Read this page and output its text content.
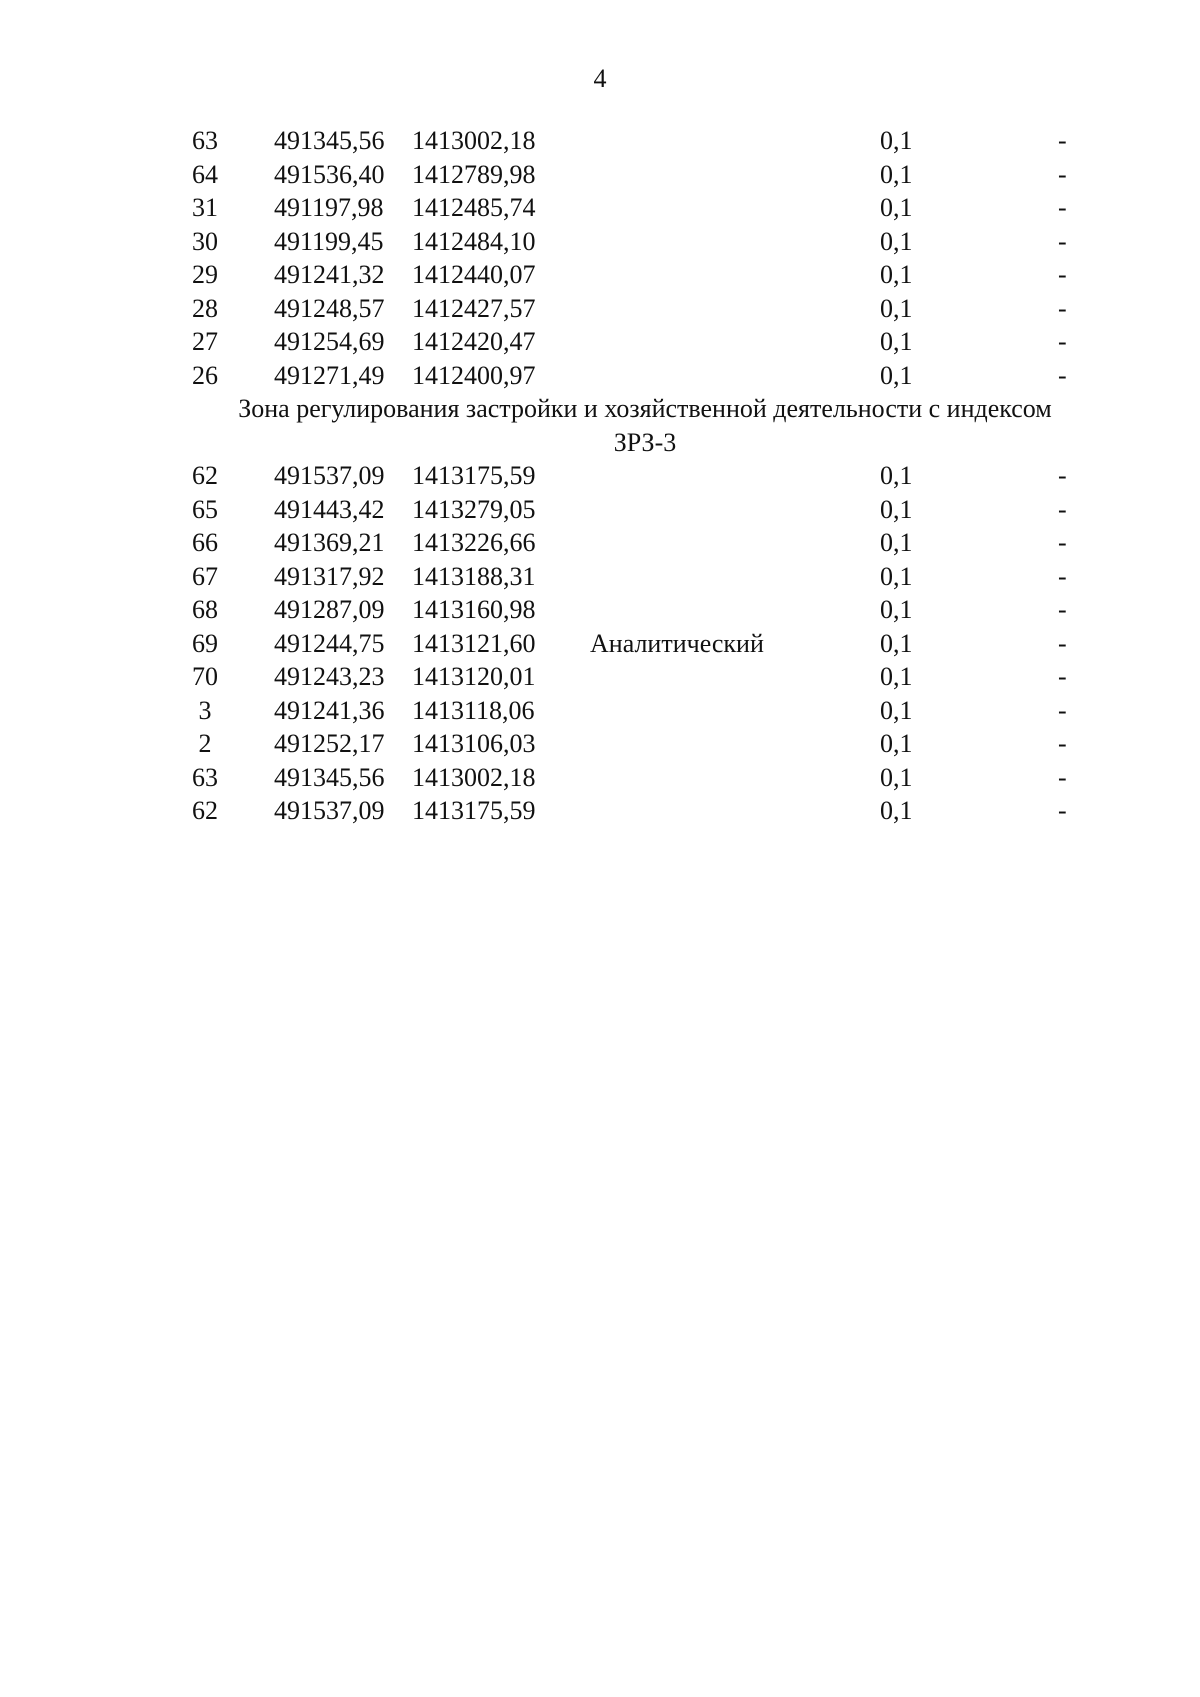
4
63	491345,56 1413002,18	0,1	-
64	491536,40 1412789,98	0,1	-
31	491197,98 1412485,74	0,1	-
30	491199,45 1412484,10	0,1	-
29	491241,32 1412440,07	0,1	-
28	491248,57 1412427,57	0,1	-
27	491254,69 1412420,47	0,1	-
26	491271,49 1412400,97	0,1	-
Зона регулирования застройки и хозяйственной деятельности с индексом
ЗРЗ-3
62	491537,09 1413175,59	0,1	-
65	491443,42 1413279,05	0,1	-
66	491369,21 1413226,66	0,1	-
67	491317,92 1413188,31	0,1	-
68	491287,09 1413160,98	0,1	-
69	491244,75 1413121,60 Аналитический	0,1	-
70	491243,23 1413120,01	0,1	-
3	491241,36 1413118,06	0,1	-
2	491252,17 1413106,03	0,1	-
63	491345,56 1413002,18	0,1	-
62	491537,09 1413175,59	0,1	-
